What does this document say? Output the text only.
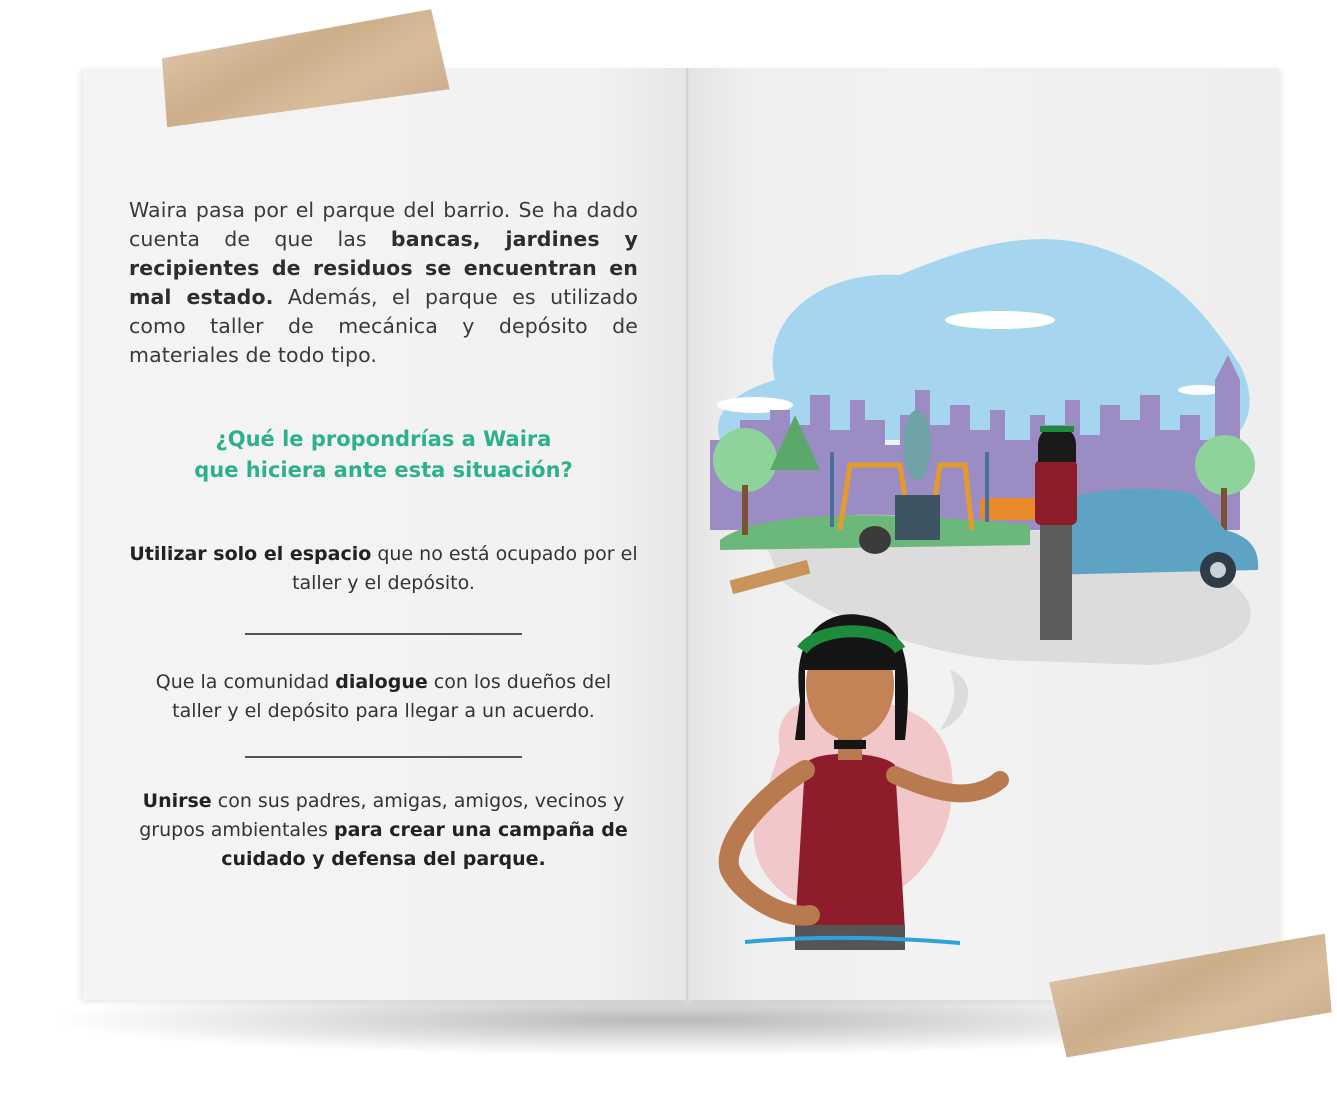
Waira pasa por el parque del barrio. Se ha dado cuenta de que las bancas, jardines y recipientes de residuos se encuentran en mal estado. Además, el parque es utilizado como taller de mecánica y depósito de materiales de todo tipo.

¿Qué le propondrías a Waira
que hiciera ante esta situación?

Utilizar solo el espacio que no está ocupado por el taller y el depósito.

Que la comunidad dialogue con los dueños del taller y el depósito para llegar a un acuerdo.

Unirse con sus padres, amigas, amigos, vecinos y grupos ambientales para crear una campaña de cuidado y defensa del parque.
